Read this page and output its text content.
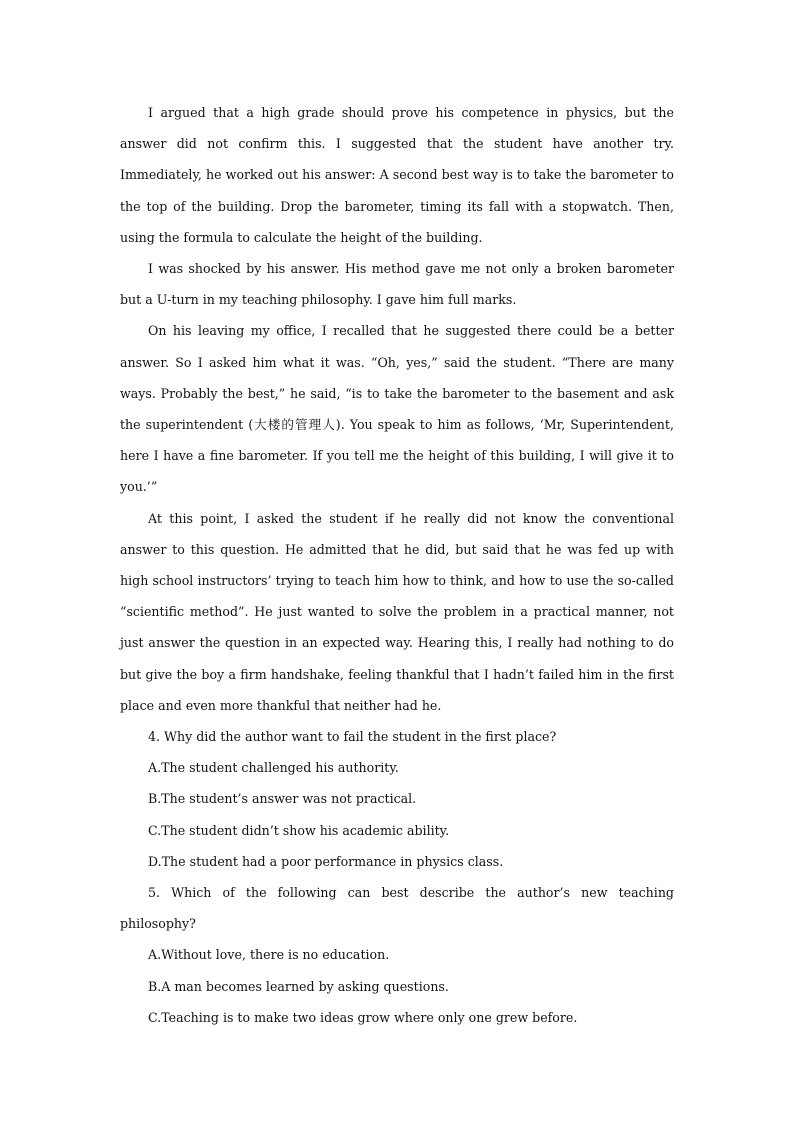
I argued that a high grade should prove his competence in physics, but the answer did not confirm this. I suggested that the student have another try. Immediately, he worked out his answer: A second best way is to take the barometer to the top of the building. Drop the barometer, timing its fall with a stopwatch. Then, using the formula to calculate the height of the building.

I was shocked by his answer. His method gave me not only a broken barometer but a U-turn in my teaching philosophy. I gave him full marks.

On his leaving my office, I recalled that he suggested there could be a better answer. So I asked him what it was. “Oh, yes,” said the student. “There are many ways. Probably the best,” he said, “is to take the barometer to the basement and ask the superintendent (大楼的管理人). You speak to him as follows, ‘Mr, Superintendent, here I have a fine barometer. If you tell me the height of this building, I will give it to you.’”

At this point, I asked the student if he really did not know the conventional answer to this question. He admitted that he did, but said that he was fed up with high school instructors’ trying to teach him how to think, and how to use the so-called “scientific method”. He just wanted to solve the problem in a practical manner, not just answer the question in an expected way. Hearing this, I really had nothing to do but give the boy a firm handshake, feeling thankful that I hadn’t failed him in the first place and even more thankful that neither had he.

4. Why did the author want to fail the student in the first place?

A.The student challenged his authority.

B.The student’s answer was not practical.

C.The student didn’t show his academic ability.

D.The student had a poor performance in physics class.

5. Which of the following can best describe the author’s new teaching philosophy?

A.Without love, there is no education.

B.A man becomes learned by asking questions.

C.Teaching is to make two ideas grow where only one grew before.
